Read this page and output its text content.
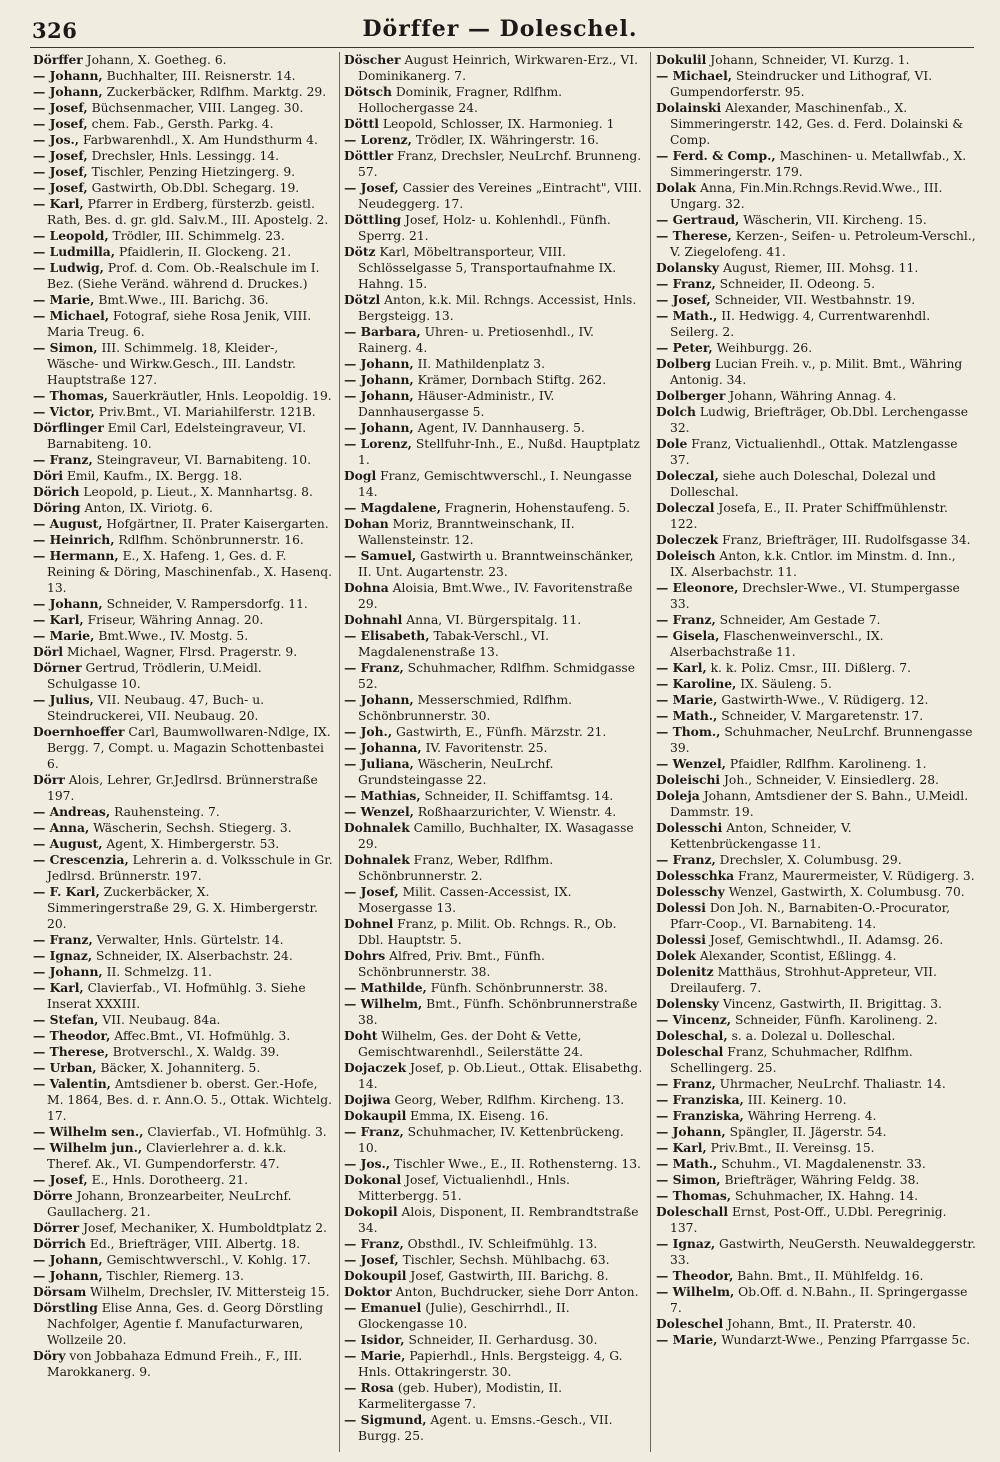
326	Dörffer — Doleschel.
Dörffer Johann, X. Goetheg. 6.
— Johann, Buchhalter, III. Reisnerstr. 14.
— Johann, Zuckerbäcker, Rdlfhm. Marktg. 29.
— Josef, Büchsenmacher, VIII. Langeg. 30.
— Josef, chem. Fab., Gersth. Parkg. 4.
— Jos., Farbwarenhdl., X. Am Hundsthurm 4.
— Josef, Drechsler, Hnls. Lessingg. 14.
— Josef, Tischler, Penzing Hietzingerg. 9.
— Josef, Gastwirth, Ob.Dbl. Schegarg. 19.
— Karl, Pfarrer in Erdberg, fürsterzb. geistl. Rath, Bes. d. gr. gld. Salv.M., III. Apostelg. 2.
— Leopold, Trödler, III. Schimmelg. 23.
— Ludmilla, Pfaidlerin, II. Glockeng. 21.
— Ludwig, Prof. d. Com. Ob.-Realschule im I. Bez. (Siehe Veränd. während d. Druckes.)
— Marie, Bmt.Wwe., III. Barichg. 36.
— Michael, Fotograf, siehe Rosa Jenik, VIII. Maria Treug. 6.
— Simon, III. Schimmelg. 18, Kleider-, Wäsche- und Wirkw.Gesch., III. Landstr. Hauptstraße 127.
— Thomas, Sauerkräutler, Hnls. Leopoldig. 19.
— Victor, Priv.Bmt., VI. Mariahilferstr. 121B.
Dörflinger Emil Carl, Edelsteingraveur, VI. Barnabiteng. 10.
— Franz, Steingraveur, VI. Barnabiteng. 10.
Döri Emil, Kaufm., IX. Bergg. 18.
Dörich Leopold, p. Lieut., X. Mannhartsg. 8.
Döring Anton, IX. Viriotg. 6.
— August, Hofgärtner, II. Prater Kaisergarten.
— Heinrich, Rdlfhm. Schönbrunnerstr. 16.
— Hermann, E., X. Hafeng. 1, Ges. d. F. Reining & Döring, Maschinenfab., X. Hasenq. 13.
— Johann, Schneider, V. Rampersdorfg. 11.
— Karl, Friseur, Währing Annag. 20.
— Marie, Bmt.Wwe., IV. Mostg. 5.
Dörl Michael, Wagner, Flrsd. Pragerstr. 9.
Dörner Gertrud, Trödlerin, U.Meidl. Schulgasse 10.
— Julius, VII. Neubaug. 47, Buch- u. Steindruckerei, VII. Neubaug. 20.
Doernhoeffer Carl, Baumwollwaren-Ndlge, IX. Bergg. 7, Compt. u. Magazin Schottenbastei 6.
Dörr Alois, Lehrer, Gr.Jedlrsd. Brünnerstraße 197.
— Andreas, Rauhensteing. 7.
— Anna, Wäscherin, Sechsh. Stiegerg. 3.
— August, Agent, X. Himbergerstr. 53.
— Crescenzia, Lehrerin a. d. Volksschule in Gr. Jedlrsd. Brünnerstr. 197.
— F. Karl, Zuckerbäcker, X. Simmeringerstraße 29, G. X. Himbergerstr. 20.
— Franz, Verwalter, Hnls. Gürtelstr. 14.
— Ignaz, Schneider, IX. Alserbachstr. 24.
— Johann, II. Schmelzg. 11.
— Karl, Clavierfab., VI. Hofmühlg. 3. Siehe Inserat XXXIII.
— Stefan, VII. Neubaug. 84a.
— Theodor, Affec.Bmt., VI. Hofmühlg. 3.
— Therese, Brotverschl., X. Waldg. 39.
— Urban, Bäcker, X. Johanniterg. 5.
— Valentin, Amtsdiener b. oberst. Ger.-Hofe, M. 1864, Bes. d. r. Ann.O. 5., Ottak. Wichtelg. 17.
— Wilhelm sen., Clavierfab., VI. Hofmühlg. 3.
— Wilhelm jun., Clavierlehrer a. d. k.k. Theref. Ak., VI. Gumpendorferstr. 47.
— Josef, E., Hnls. Dorotheerg. 21.
Dörre Johann, Bronzearbeiter, NeuLrchf. Gaullacherg. 21.
Dörrer Josef, Mechaniker, X. Humboldtplatz 2.
Dörrich Ed., Briefträger, VIII. Albertg. 18.
— Johann, Gemischtwverschl., V. Kohlg. 17.
— Johann, Tischler, Riemerg. 13.
Dörsam Wilhelm, Drechsler, IV. Mittersteig 15.
Dörstling Elise Anna, Ges. d. Georg Dörstling Nachfolger, Agentie f. Manufacturwaren, Wollzeile 20.
Döry von Jobbahaza Edmund Freih., F., III. Marokkanerg. 9.
Döscher August Heinrich, Wirkwaren-Erz., VI. Dominikanerg. 7.
Dötsch Dominik, Fragner, Rdlfhm. Hollochergasse 24.
Döttl Leopold, Schlosser, IX. Harmonieg. 1
— Lorenz, Trödler, IX. Währingerstr. 16.
Döttler Franz, Drechsler, NeuLrchf. Brunneng. 57.
— Josef, Cassier des Vereines „Eintracht", VIII. Neudeggerg. 17.
Döttling Josef, Holz- u. Kohlenhdl., Fünfh. Sperrg. 21.
Dötz Karl, Möbeltransporteur, VIII. Schlösselgasse 5, Transportaufnahme IX. Hahng. 15.
Dötzl Anton, k.k. Mil. Rchngs. Accessist, Hnls. Bergsteigg. 13.
— Barbara, Uhren- u. Pretiosenhdl., IV. Rainerg. 4.
— Johann, II. Mathildenplatz 3.
— Johann, Krämer, Dornbach Stiftg. 262.
— Johann, Häuser-Administr., IV. Dannhausergasse 5.
— Johann, Agent, IV. Dannhauserg. 5.
— Lorenz, Stellfuhr-Inh., E., Nußd. Hauptplatz 1.
Dogl Franz, Gemischtwverschl., I. Neungasse 14.
— Magdalene, Fragnerin, Hohenstaufeng. 5.
Dohan Moriz, Branntweinschank, II. Wallensteinstr. 12.
— Samuel, Gastwirth u. Branntweinschänker, II. Unt. Augartenstr. 23.
Dohna Aloisia, Bmt.Wwe., IV. Favoritenstraße 29.
Dohnahl Anna, VI. Bürgerspitalg. 11.
— Elisabeth, Tabak-Verschl., VI. Magdalenenstraße 13.
— Franz, Schuhmacher, Rdlfhm. Schmidgasse 52.
— Johann, Messerschmied, Rdlfhm. Schönbrunnerstr. 30.
— Joh., Gastwirth, E., Fünfh. Märzstr. 21.
— Johanna, IV. Favoritenstr. 25.
— Juliana, Wäscherin, NeuLrchf. Grundsteingasse 22.
— Mathias, Schneider, II. Schiffamtsg. 14.
— Wenzel, Roßhaarzurichter, V. Wienstr. 4.
Dohnalek Camillo, Buchhalter, IX. Wasagasse 29.
Dohnalek Franz, Weber, Rdlfhm. Schönbrunnerstr. 2.
— Josef, Milit. Cassen-Accessist, IX. Mosergasse 13.
Dohnel Franz, p. Milit. Ob. Rchngs. R., Ob. Dbl. Hauptstr. 5.
Dohrs Alfred, Priv. Bmt., Fünfh. Schönbrunnerstr. 38.
— Mathilde, Fünfh. Schönbrunnerstr. 38.
— Wilhelm, Bmt., Fünfh. Schönbrunnerstraße 38.
Doht Wilhelm, Ges. der Doht & Vette, Gemischtwarenhdl., Seilerstätte 24.
Dojaczek Josef, p. Ob.Lieut., Ottak. Elisabethg. 14.
Dojiwa Georg, Weber, Rdlfhm. Kircheng. 13.
Dokaupil Emma, IX. Eiseng. 16.
— Franz, Schuhmacher, IV. Kettenbrückeng. 10.
— Jos., Tischler Wwe., E., II. Rothensterng. 13.
Dokonal Josef, Victualienhdl., Hnls. Mitterbergg. 51.
Dokopil Alois, Disponent, II. Rembrandtstraße 34.
— Franz, Obsthdl., IV. Schleifmühlg. 13.
— Josef, Tischler, Sechsh. Mühlbachg. 63.
Dokoupil Josef, Gastwirth, III. Barichg. 8.
Doktor Anton, Buchdrucker, siehe Dorr Anton.
— Emanuel (Julie), Geschirrhdl., II. Glockengasse 10.
— Isidor, Schneider, II. Gerhardusg. 30.
— Marie, Papierhdl., Hnls. Bergsteigg. 4, G. Hnls. Ottakringerstr. 30.
— Rosa (geb. Huber), Modistin, II. Karmelitergasse 7.
— Sigmund, Agent. u. Emsns.-Gesch., VII. Burgg. 25.
Dokulil Johann, Schneider, VI. Kurzg. 1.
— Michael, Steindrucker und Lithograf, VI. Gumpendorferstr. 95.
Dolainski Alexander, Maschinenfab., X. Simmeringerstr. 142, Ges. d. Ferd. Dolainski & Comp.
— Ferd. & Comp., Maschinen- u. Metallwfab., X. Simmeringerstr. 179.
Dolak Anna, Fin.Min.Rchngs.Revid.Wwe., III. Ungarg. 32.
— Gertraud, Wäscherin, VII. Kircheng. 15.
— Therese, Kerzen-, Seifen- u. Petroleum-Verschl., V. Ziegelofeng. 41.
Dolansky August, Riemer, III. Mohsg. 11.
— Franz, Schneider, II. Odeong. 5.
— Josef, Schneider, VII. Westbahnstr. 19.
— Math., II. Hedwigg. 4, Currentwarenhdl. Seilerg. 2.
— Peter, Weihburgg. 26.
Dolberg Lucian Freih. v., p. Milit. Bmt., Währing Antonig. 34.
Dolberger Johann, Währing Annag. 4.
Dolch Ludwig, Briefträger, Ob.Dbl. Lerchengasse 32.
Dole Franz, Victualienhdl., Ottak. Matzlengasse 37.
Doleczal, siehe auch Doleschal, Dolezal und Dolleschal.
Doleczal Josefa, E., II. Prater Schiffmühlenstr. 122.
Doleczek Franz, Briefträger, III. Rudolfsgasse 34.
Doleisch Anton, k.k. Cntlor. im Minstm. d. Inn., IX. Alserbachstr. 11.
— Eleonore, Drechsler-Wwe., VI. Stumpergasse 33.
— Franz, Schneider, Am Gestade 7.
— Gisela, Flaschenweinverschl., IX. Alserbachstraße 11.
— Karl, k. k. Poliz. Cmsr., III. Dißlerg. 7.
— Karoline, IX. Säuleng. 5.
— Marie, Gastwirth-Wwe., V. Rüdigerg. 12.
— Math., Schneider, V. Margaretenstr. 17.
— Thom., Schuhmacher, NeuLrchf. Brunnengasse 39.
— Wenzel, Pfaidler, Rdlfhm. Karolineng. 1.
Doleischi Joh., Schneider, V. Einsiedlerg. 28.
Doleja Johann, Amtsdiener der S. Bahn., U.Meidl. Dammstr. 19.
Dolesschi Anton, Schneider, V. Kettenbrückengasse 11.
— Franz, Drechsler, X. Columbusg. 29.
Dolesschka Franz, Maurermeister, V. Rüdigerg. 3.
Dolesschy Wenzel, Gastwirth, X. Columbusg. 70.
Dolessi Don Joh. N., Barnabiten-O.-Procurator, Pfarr-Coop., VI. Barnabiteng. 14.
Dolessi Josef, Gemischtwhdl., II. Adamsg. 26.
Dolek Alexander, Scontist, Eßlingg. 4.
Dolenitz Matthäus, Strohhut-Appreteur, VII. Dreilauferg. 7.
Dolensky Vincenz, Gastwirth, II. Brigittag. 3.
— Vincenz, Schneider, Fünfh. Karolineng. 2.
Doleschal, s. a. Dolezal u. Dolleschal.
Doleschal Franz, Schuhmacher, Rdlfhm. Schellingerg. 25.
— Franz, Uhrmacher, NeuLrchf. Thaliastr. 14.
— Franziska, III. Keinerg. 10.
— Franziska, Währing Herreng. 4.
— Johann, Spängler, II. Jägerstr. 54.
— Karl, Priv.Bmt., II. Vereinsg. 15.
— Math., Schuhm., VI. Magdalenenstr. 33.
— Simon, Briefträger, Währing Feldg. 38.
— Thomas, Schuhmacher, IX. Hahng. 14.
Doleschall Ernst, Post-Off., U.Dbl. Peregrinig. 137.
— Ignaz, Gastwirth, NeuGersth. Neuwaldeggerstr. 33.
— Theodor, Bahn. Bmt., II. Mühlfeldg. 16.
— Wilhelm, Ob.Off. d. N.Bahn., II. Springergasse 7.
Doleschel Johann, Bmt., II. Praterstr. 40.
— Marie, Wundarzt-Wwe., Penzing Pfarrgasse 5c.
